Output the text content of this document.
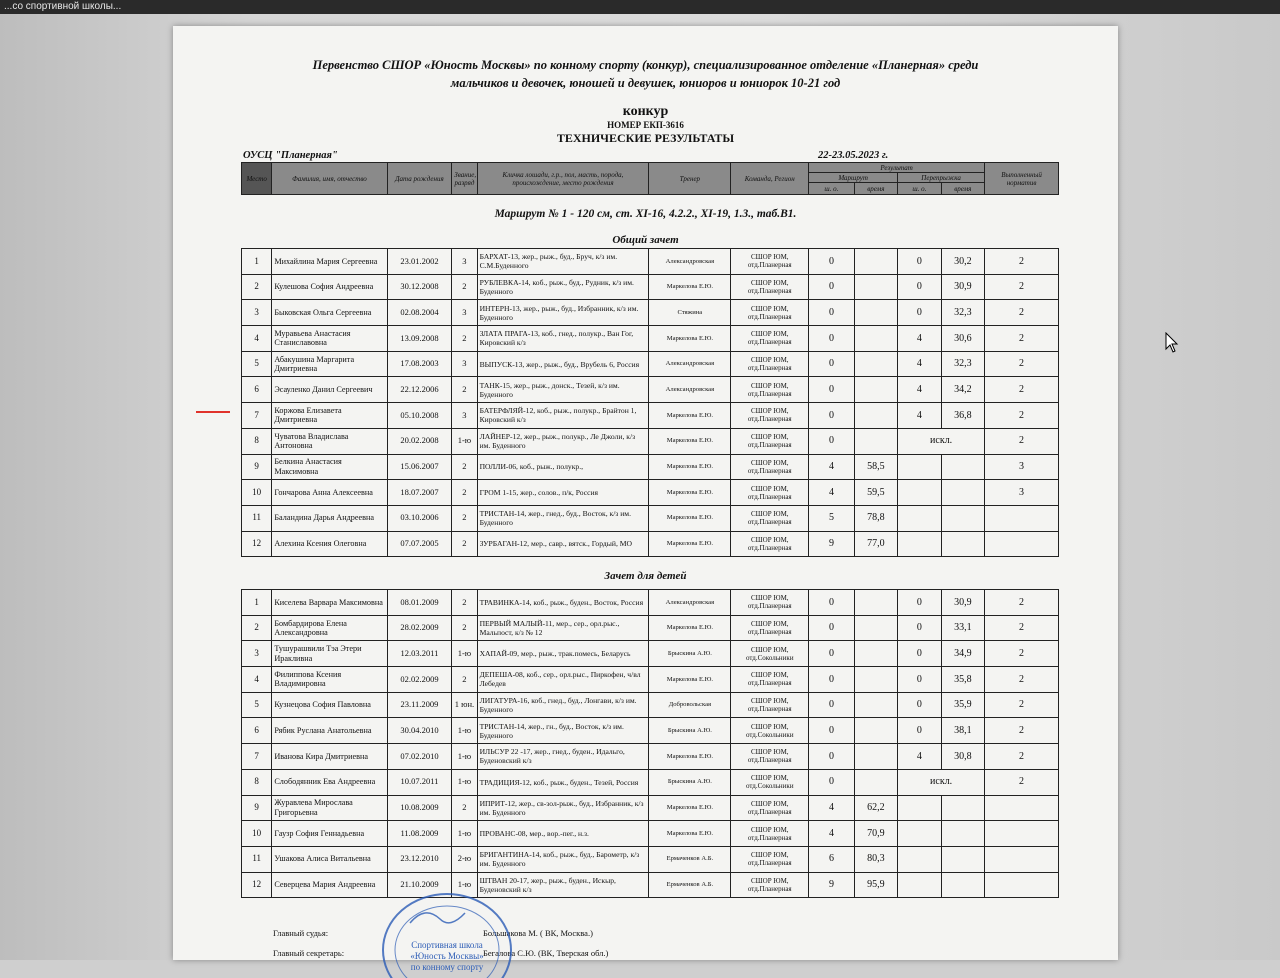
...со спортивной школы...
Первенство СШОР «Юность Москвы» по конному спорту (конкур), специализированное отделение «Планерная» среди
мальчиков и девочек, юношей и девушек, юниоров и юниорок 10-21 год
конкур
НОМЕР ЕКП-3616
ТЕХНИЧЕСКИЕ РЕЗУЛЬТАТЫ
ОУСЦ "Планерная"	22-23.05.2023 г.
Место	Фамилия, имя, отчество	Дата рождения	Звание, разряд	Кличка лошади, г.р., пол, масть, порода, происхождение, место рождения	Тренер	Команда, Регион	Результат				Выполненный норматив
							Маршрут		Перепрыжка		
							ш. о.	время	ш. о.	время	
Маршрут № 1 - 120 см, ст. XI-16, 4.2.2., XI-19, 1.3., таб.В1.
Общий зачет
1	Михайлина Мария Сергеевна	23.01.2002	3	БАРХАТ-13, жер., рыж., буд., Бруч, к/з им. С.М.Буденного	Александровская	СШОР ЮМ, отд.Планерная	0		0	30,2	2
2	Кулешова София Андреевна	30.12.2008	2	РУБЛЕВКА-14, коб., рыж., буд., Рудник, к/з им. Буденного	Маркелова Е.Ю.	СШОР ЮМ, отд.Планерная	0		0	30,9	2
3	Быковская Ольга Сергеевна	02.08.2004	3	ИНТЕРН-13, жер., рыж., буд., Избранник, к/з им. Буденного	Стяжина	СШОР ЮМ, отд.Планерная	0		0	32,3	2
4	Муравьева Анастасия Станиславовна	13.09.2008	2	ЗЛАТА ПРАГА-13, коб., гнед., полукр., Ван Гог, Кировский к/з	Маркелова Е.Ю.	СШОР ЮМ, отд.Планерная	0		4	30,6	2
5	Абакушина Маргарита Дмитриевна	17.08.2003	3	ВЫПУСК-13, жер., рыж., буд., Врубель 6, Россия	Александровская	СШОР ЮМ, отд.Планерная	0		4	32,3	2
6	Эсауленко Данил Сергеевич	22.12.2006	2	ТАНК-15, жер., рыж., донск., Тезей, к/з им. Буденного	Александровская	СШОР ЮМ, отд.Планерная	0		4	34,2	2
7	Коржова Елизавета Дмитриевна	05.10.2008	3	БАТЕРФЛЯЙ-12, коб., рыж., полукр., Брайтон 1, Кировский к/з	Маркелова Е.Ю.	СШОР ЮМ, отд.Планерная	0		4	36,8	2
8	Чуватова Владислава Антоновна	20.02.2008	1-ю	ЛАЙНЕР-12, жер., рыж., полукр., Ле Джоли, к/з им. Буденного	Маркелова Е.Ю.	СШОР ЮМ, отд.Планерная	0		искл.		2
9	Белкина Анастасия Максимовна	15.06.2007	2	ПОЛЛИ-06, коб., рыж., полукр.,	Маркелова Е.Ю.	СШОР ЮМ, отд.Планерная	4	58,5			3
10	Гончарова Анна Алексеевна	18.07.2007	2	ГРОМ 1-15, жер., солов., п/к, Россия	Маркелова Е.Ю.	СШОР ЮМ, отд.Планерная	4	59,5			3
11	Баландина Дарья Андреевна	03.10.2006	2	ТРИСТАН-14, жер., гнед., буд., Восток, к/з им. Буденного	Маркелова Е.Ю.	СШОР ЮМ, отд.Планерная	5	78,8			
12	Алехина Ксения Олеговна	07.07.2005	2	ЗУРБАГАН-12, мер., савр., вятск., Гордый, МО	Маркелова Е.Ю.	СШОР ЮМ, отд.Планерная	9	77,0			
Зачет для детей
1	Киселева Варвара Максимовна	08.01.2009	2	ТРАВИНКА-14, коб., рыж., буден., Восток, Россия	Александровская	СШОР ЮМ, отд.Планерная	0		0	30,9	2
2	Бомбардирова Елена Александровна	28.02.2009	2	ПЕРВЫЙ МАЛЫЙ-11, мер., сер., орл.рыс., Мальпост, к/з № 12	Маркелова Е.Ю.	СШОР ЮМ, отд.Планерная	0		0	33,1	2
3	Тушурашвили Тэа Этери Иракливна	12.03.2011	1-ю	ХАПАЙ-09, мер., рыж., трак.помесь, Беларусь	Брыскина А.Ю.	СШОР ЮМ, отд.Сокольники	0		0	34,9	2
4	Филиппова Ксения Владимировна	02.02.2009	2	ДЕПЕША-08, коб., сер., орл.рыс., Пиркофен, ч/вл Лебедев	Маркелова Е.Ю.	СШОР ЮМ, отд.Планерная	0		0	35,8	2
5	Кузнецова София Павловна	23.11.2009	1 юн.	ЛИГАТУРА-16, коб., гнед., буд., Лонгави, к/з им. Буденного	Добровольская	СШОР ЮМ, отд.Планерная	0		0	35,9	2
6	Рябик Руслана Анатольевна	30.04.2010	1-ю	ТРИСТАН-14, жер., гн., буд., Восток, к/з им. Буденного	Брыскина А.Ю.	СШОР ЮМ, отд.Сокольники	0		0	38,1	2
7	Иванова Кира Дмитриевна	07.02.2010	1-ю	ИЛЬСУР 22 -17, жер., гнед., буден., Идальго, Буденовский к/з	Маркелова Е.Ю.	СШОР ЮМ, отд.Планерная	0		4	30,8	2
8	Слободянник Ева Андреевна	10.07.2011	1-ю	ТРАДИЦИЯ-12, коб., рыж., буден., Тезей, Россия	Брыскина А.Ю.	СШОР ЮМ, отд.Сокольники	0		искл.		2
9	Журавлева Мирослава Григорьевна	10.08.2009	2	ИПРИТ-12, жер., св-зол-рыж., буд., Избранник, к/з им. Буденного	Маркелова Е.Ю.	СШОР ЮМ, отд.Планерная	4	62,2			
10	Гаузр София Геннадьевна	11.08.2009	1-ю	ПРОВАНС-08, мер., вор.-пег., н.з.	Маркелова Е.Ю.	СШОР ЮМ, отд.Планерная	4	70,9			
11	Ушакова Алиса Витальевна	23.12.2010	2-ю	БРИГАНТИНА-14, коб., рыж., буд., Барометр, к/з им. Буденного	Ермаченков А.Б.	СШОР ЮМ, отд.Планерная	6	80,3			
12	Северцева Мария Андреевна	21.10.2009	1-ю	ШТВАН 20-17, жер., рыж., буден., Искыр, Буденовский к/з	Ермаченков А.Б.	СШОР ЮМ, отд.Планерная	9	95,9			
Главный судья:	Большакова М. ( ВК, Москва.)
Главный секретарь:	Бегалова С.Ю. (ВК, Тверская обл.)
Спортивная школа
«Юность Москвы»
по конному спорту
